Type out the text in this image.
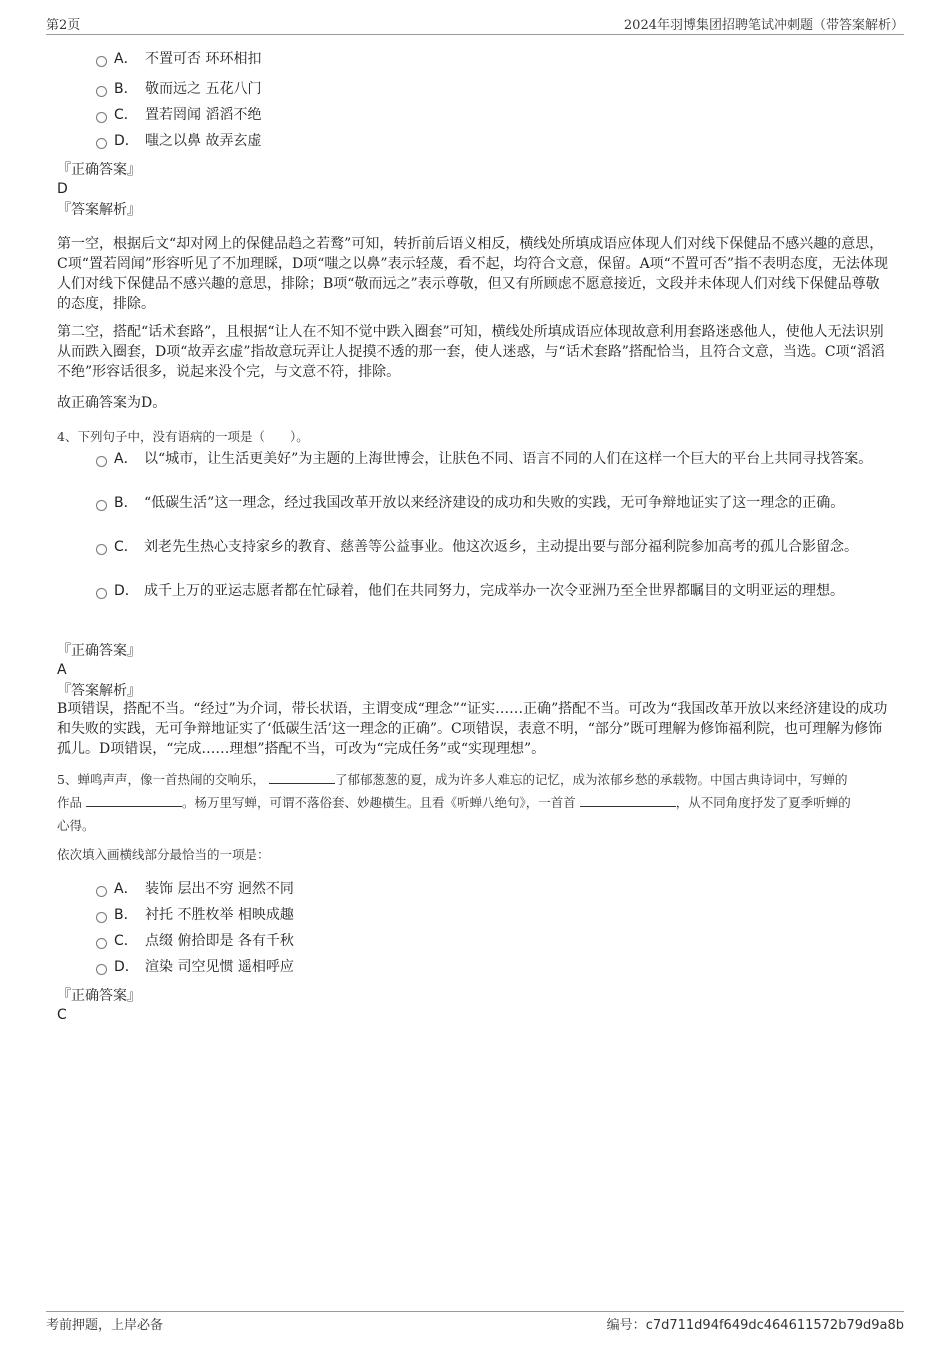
第2页	2024年羽博集团招聘笔试冲刺题（带答案解析）
A． 不置可否 环环相扣
B． 敬而远之 五花八门
C． 置若罔闻 滔滔不绝
D． 嗤之以鼻 故弄玄虚
『正确答案』
D
『答案解析』
第一空，根据后文“却对网上的保健品趋之若鹜”可知，转折前后语义相反，横线处所填成语应体现人们对线下保健品不感兴趣的意思，C项“置若罔闻”形容听见了不加理睬，D项“嗤之以鼻”表示轻蔑，看不起，均符合文意，保留。A项“不置可否”指不表明态度，无法体现人们对线下保健品不感兴趣的意思，排除；B项“敬而远之”表示尊敬，但又有所顾虑不愿意接近，文段并未体现人们对线下保健品尊敬的态度，排除。
第二空，搭配“话术套路”，且根据“让人在不知不觉中跌入圈套”可知，横线处所填成语应体现故意利用套路迷惑他人，使他人无法识别从而跌入圈套，D项“故弄玄虚”指故意玩弄让人捉摸不透的那一套，使人迷惑，与“话术套路”搭配恰当，且符合文意，当选。C项“滔滔不绝”形容话很多，说起来没个完，与文意不符，排除。
故正确答案为D。
4、下列句子中，没有语病的一项是（　　）。
A． 以“城市，让生活更美好”为主题的上海世博会，让肤色不同、语言不同的人们在这样一个巨大的平台上共同寻找答案。
B． “低碳生活”这一理念，经过我国改革开放以来经济建设的成功和失败的实践，无可争辩地证实了这一理念的正确。
C． 刘老先生热心支持家乡的教育、慈善等公益事业。他这次返乡，主动提出要与部分福利院参加高考的孤儿合影留念。
D． 成千上万的亚运志愿者都在忙碌着，他们在共同努力，完成举办一次令亚洲乃至全世界都瞩目的文明亚运的理想。
『正确答案』
A
『答案解析』
B项错误，搭配不当。“经过”为介词，带长状语，主谓变成“理念”“证实……正确”搭配不当。可改为“我国改革开放以来经济建设的成功和失败的实践，无可争辩地证实了‘低碳生活’这一理念的正确”。C项错误，表意不明，“部分”既可理解为修饰福利院，也可理解为修饰孤儿。D项错误，“完成……理想”搭配不当，可改为“完成任务”或“实现理想”。
5、蝉鸣声声，像一首热闹的交响乐，	了郁郁葱葱的夏，成为许多人难忘的记忆，成为浓郁乡愁的承载物。中国古典诗词中，写蝉的
作品	。杨万里写蝉，可谓不落俗套、妙趣横生。且看《听蝉八绝句》，一首首	，从不同角度抒发了夏季听蝉的
心得。
依次填入画横线部分最恰当的一项是：
A． 装饰 层出不穷 迥然不同
B． 衬托 不胜枚举 相映成趣
C． 点缀 俯拾即是 各有千秋
D． 渲染 司空见惯 遥相呼应
『正确答案』
C
考前押题，上岸必备	编号：c7d711d94f649dc464611572b79d9a8b
